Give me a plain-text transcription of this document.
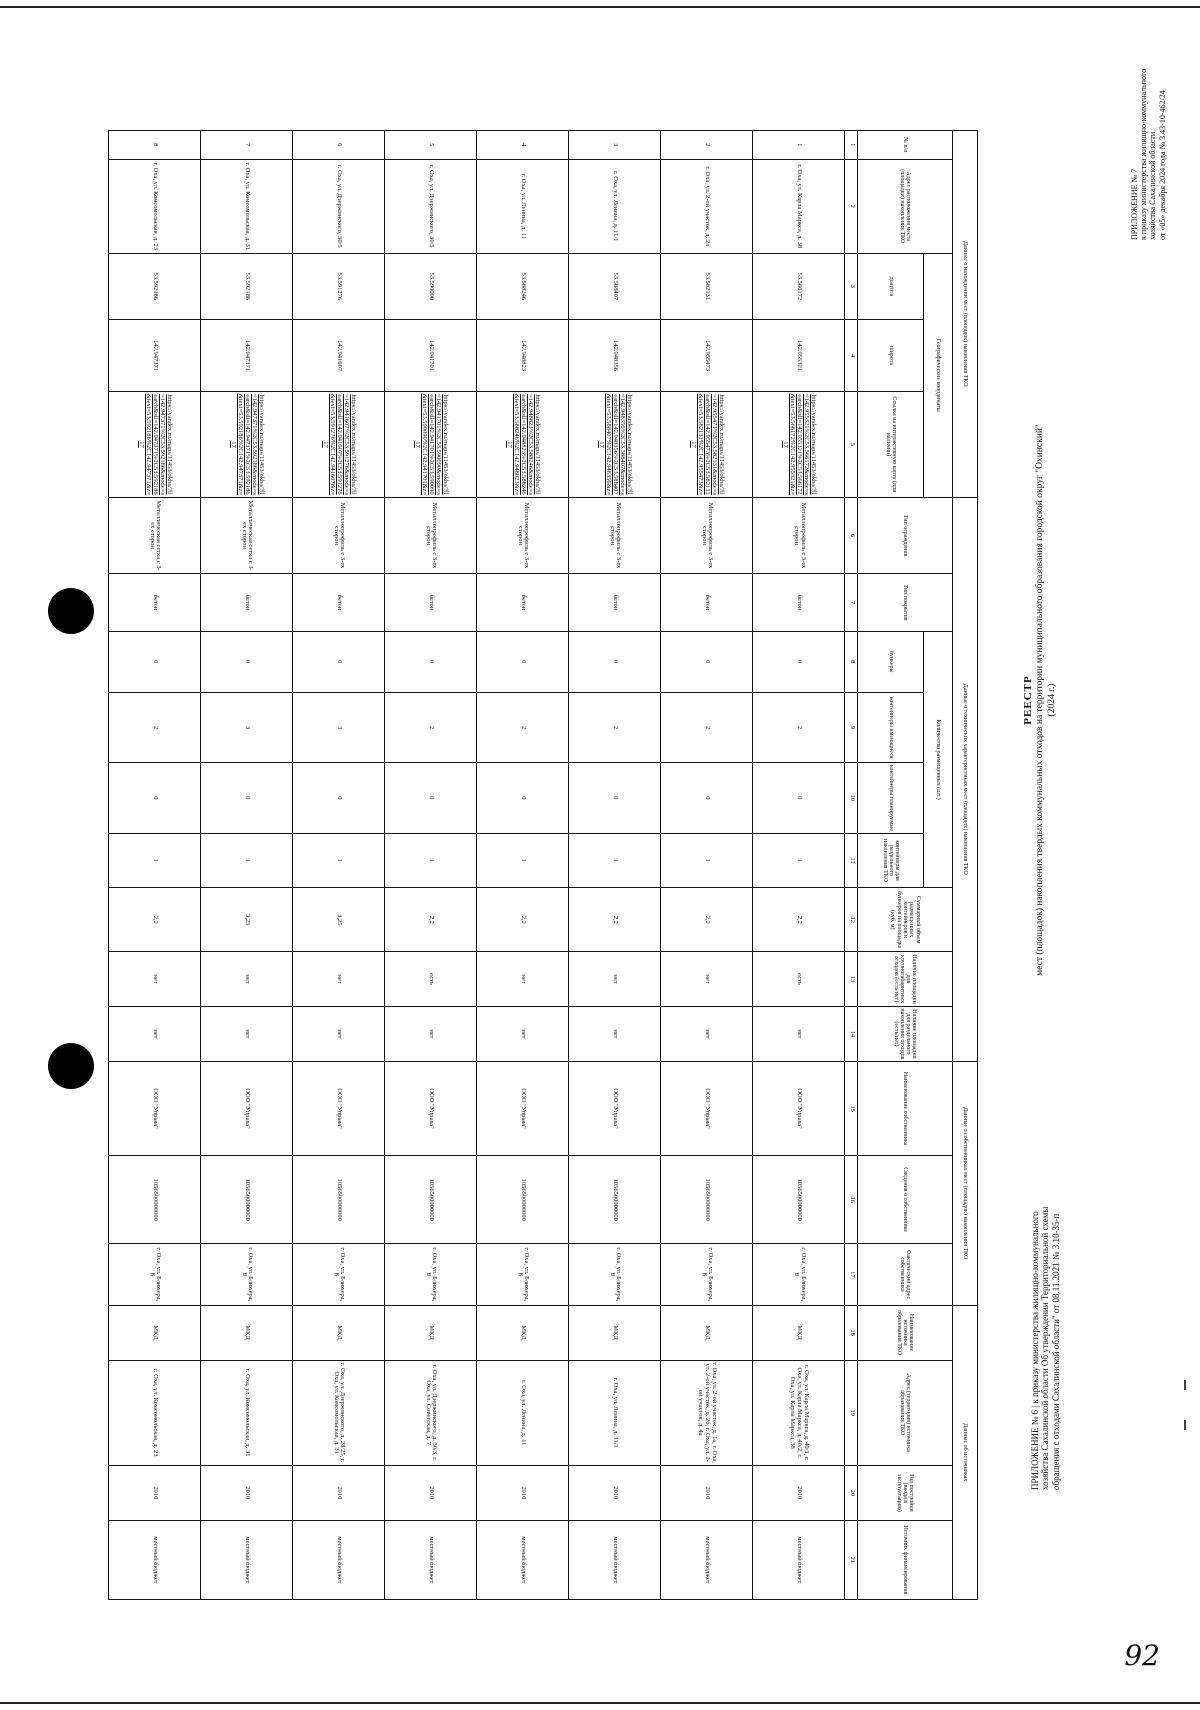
92
ПРИЛОЖЕНИЕ № 7 к приказу министерства жилищно-коммунального хозяйства Сахалинской области от «05» декабря 2024 года № 3.43-10-462/24
ПРИЛОЖЕНИЕ № 6 | к приказу министерства жилищно-коммунального хозяйства Сахалинской области Об утверждении Территориальной схемы обращения с отходами Сахалинской области" от 08.11.2021 № 3.10-35-п
РЕЕСТР мест (площадок) накопления твердых коммунальных отходов на территории муниципального образования городской округ "Охинский" (2024 г.)
Данные о нахождении мест (площадок) накопления ТКО					Данные о технических характеристиках мест (площадок) накопления ТКО									Данные о собственниках мест (площадок) накопления ТКО			Данные об источниках			
№ п/п	Адрес расположения места (площадки) накопления ТКО	Географические координаты			Тип ограждения	Тип покрытия	Количество размещенных (шт.)				Суммарный объем размещенных контейнеров и бункеров на площадке (куб. м)	Наличие площадки для крупногабаритных отходов (есть/нет)	Наличие площадки для раздельного накопления отходов (есть/нет)	Наименование собственника	Сведения о собственнике	Фактический адрес собственника	Наименование источника образования ТКО	Адрес (территория) источника образования ТКО	Год постройки (ввода в эксплуатацию)	Источник финансирования
		долгота	широта	Ссылка на интерактивную карту (при наличии)			бункеры	контейнеры имеющиеся	контейнеры планируемые	контейнеры для раздельного накопления ТКО										
1	2	3	4	5	6	7	8	9	10	11	12	13	14	15	16	17	18	19	20	21
1	г. Оха, ул. Карла Маркса, д. 38	53.566172	142.955321	https://yandex.ru/maps/11453/okha/?ll=142.955321%2C53.566172&mode=search&sll=142.955321%2C53.566172&text=53.566172%2C142.955321&z=17	Металлопрофиль с 3-ех сторон	бетон	0	2	0	1	2,2	есть	нет	ООО "Управа"	1056500000000	г. Оха, ул. Блюхера, 8	МКД	г. Оха, ул. Карла Маркса, д. 40/1, г. Оха, ул. Карла Маркса, д. 40/2, г. Оха, ул. Карла Маркса, 38	2010	местный бюджет
2	г. Оха, ул. 2-ой участок, д. 2а	53.582131	142.955473	https://yandex.ru/maps/11453/okha/?ll=142.955473%2C53.582131&mode=search&sll=142.955473%2C53.582131&text=53.582131%2C142.955473&z=17	Металлопрофиль с 3-ех сторон	бетон	0	2	0	1	2,2	нет	нет	ООО "Управа"	1056500000000	г. Оха, ул. Блюхера, 8	МКД	г. Оха, ул. 2-ой участок, д. 1а, г. Оха, ул. 2-ой участок, д. 2б, г. Оха, ул. 2-ой участок, д. 4а	2010	местный бюджет
3	г. Оха, ул. Ленина, д. 11/1	53.588407	142.948356	https://yandex.ru/maps/11453/okha/?ll=142.948356%2C53.588407&mode=search&sll=142.948356%2C53.588407&text=53.588407%2C142.948356&z=17	Металлопрофиль с 3-ех сторон	бетон	0	2	0	1	2,2	нет	нет	ООО "Управа"	1056500000000	г. Оха, ул. Блюхера, 8	МКД	г. Оха, ул. Ленина, д. 11/1	2010	местный бюджет
4	г. Оха, ул. Ленина, д. 11	53.588246	142.948823	https://yandex.ru/maps/11453/okha/?ll=142.948823%2C53.588246&mode=search&sll=142.948823%2C53.588246&text=53.588246%2C142.948823&z=17	Металлопрофиль с 3-ех сторон	бетон	0	2	0	1	2,2	нет	нет	ООО "Управа"	1056500000000	г. Оха, ул. Блюхера, 8	МКД	г. Оха, ул. Ленина, д. 11	2010	местный бюджет
5	г. Оха, ул. Дзержинского, 30/5	53.590090	142.941701	https://yandex.ru/maps/11453/okha/?ll=142.941701%2C53.590090&mode=search&sll=142.941701%2C53.590090&text=53.590090%2C142.941701&z=17	Металлопрофиль с 3-ех сторон	бетон	0	2	0	1	2,2	есть	нет	ООО "Управа"	1056500000000	г. Оха, ул. Блюхера, 8	МКД	г. Оха, ул. Дзержинского, д. 30/3, г. Оха, ул. Советская, д. 7	2010	местный бюджет
6	г. Оха, ул. Дзержинского, 30/5	53.591276	142.941607	https://yandex.ru/maps/11453/okha/?ll=142.941607%2C53.591276&mode=search&sll=142.941607%2C53.591276&text=53.591276%2C142.941607&z=17	Металлопрофиль с 3-ех сторон	бетон	0	3	0	1	3,25	нет	нет	ООО "Управа"	1056500000000	г. Оха, ул. Блюхера, 8	МКД	г. Оха, ул. Дзержинского, д. 28/25, г. Оха, ул. Комсомольская, д. 31	2010	местный бюджет
7	г. Оха, ул. Комсомольская, д. 31	53.592186	142.947371	https://yandex.ru/maps/11453/okha/?ll=142.947371%2C53.592186&mode=search&sll=142.947371%2C53.592186&text=53.592186%2C142.947371&z=17	Металлическая сетка с 3-ех сторон	бетон	0	3	0	1	3,25	нет	нет	ООО "Управа"	1056500000000	г. Оха, ул. Блюхера, 8	МКД	г. Оха, ул. Комсомольская, д. 31	2010	местный бюджет
8	г. Оха, ул. Комсомольская, д. 23	53.592186	142.947371	https://yandex.ru/maps/11453/okha/?ll=142.947371%2C53.592186&mode=search&sll=142.947371%2C53.592186&text=53.592186%2C142.947371&z=17	Металлическая сетка с 3-ех сторон	бетон	0	2	0	1	2,2	нет	нет	ООО "Управа"	1056500000000	г. Оха, ул. Блюхера, 8	МКД	г. Оха, ул. Комсомольская, д. 23	2010	местный бюджет
